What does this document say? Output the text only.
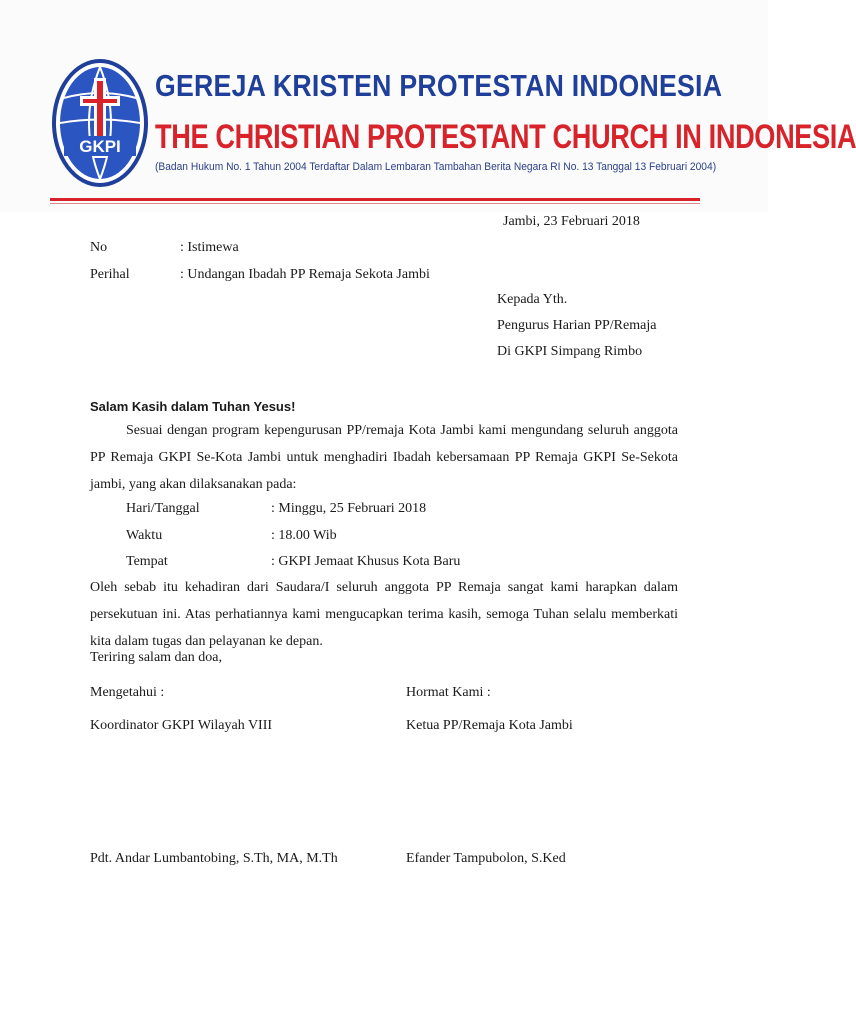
GKPI
GEREJA KRISTEN PROTESTAN INDONESIA
THE CHRISTIAN PROTESTANT CHURCH IN INDONESIA
(Badan Hukum No. 1 Tahun 2004 Terdaftar Dalam Lembaran Tambahan Berita Negara RI No. 13 Tanggal 13 Februari 2004)
Jambi, 23 Februari 2018
No	: Istimewa
Perihal	: Undangan Ibadah PP Remaja Sekota Jambi
Kepada Yth.
Pengurus Harian PP/Remaja
Di GKPI Simpang Rimbo
Salam Kasih dalam Tuhan Yesus!
Sesuai dengan program kepengurusan PP/remaja Kota Jambi kami mengundang seluruh anggota PP Remaja GKPI Se-Kota Jambi untuk menghadiri Ibadah kebersamaan PP Remaja GKPI Se-Sekota jambi, yang akan dilaksanakan pada:
Hari/Tanggal	: Minggu, 25 Februari 2018
Waktu	: 18.00 Wib
Tempat	: GKPI Jemaat Khusus Kota Baru
Oleh sebab itu kehadiran dari Saudara/I seluruh anggota PP Remaja sangat kami harapkan dalam persekutuan ini. Atas perhatiannya kami mengucapkan terima kasih, semoga Tuhan selalu memberkati kita dalam tugas dan pelayanan ke depan.
Teriring salam dan doa,
Mengetahui :	Hormat Kami :
Koordinator GKPI Wilayah VIII	Ketua PP/Remaja Kota Jambi
Pdt. Andar Lumbantobing, S.Th, MA, M.Th	Efander Tampubolon, S.Ked
